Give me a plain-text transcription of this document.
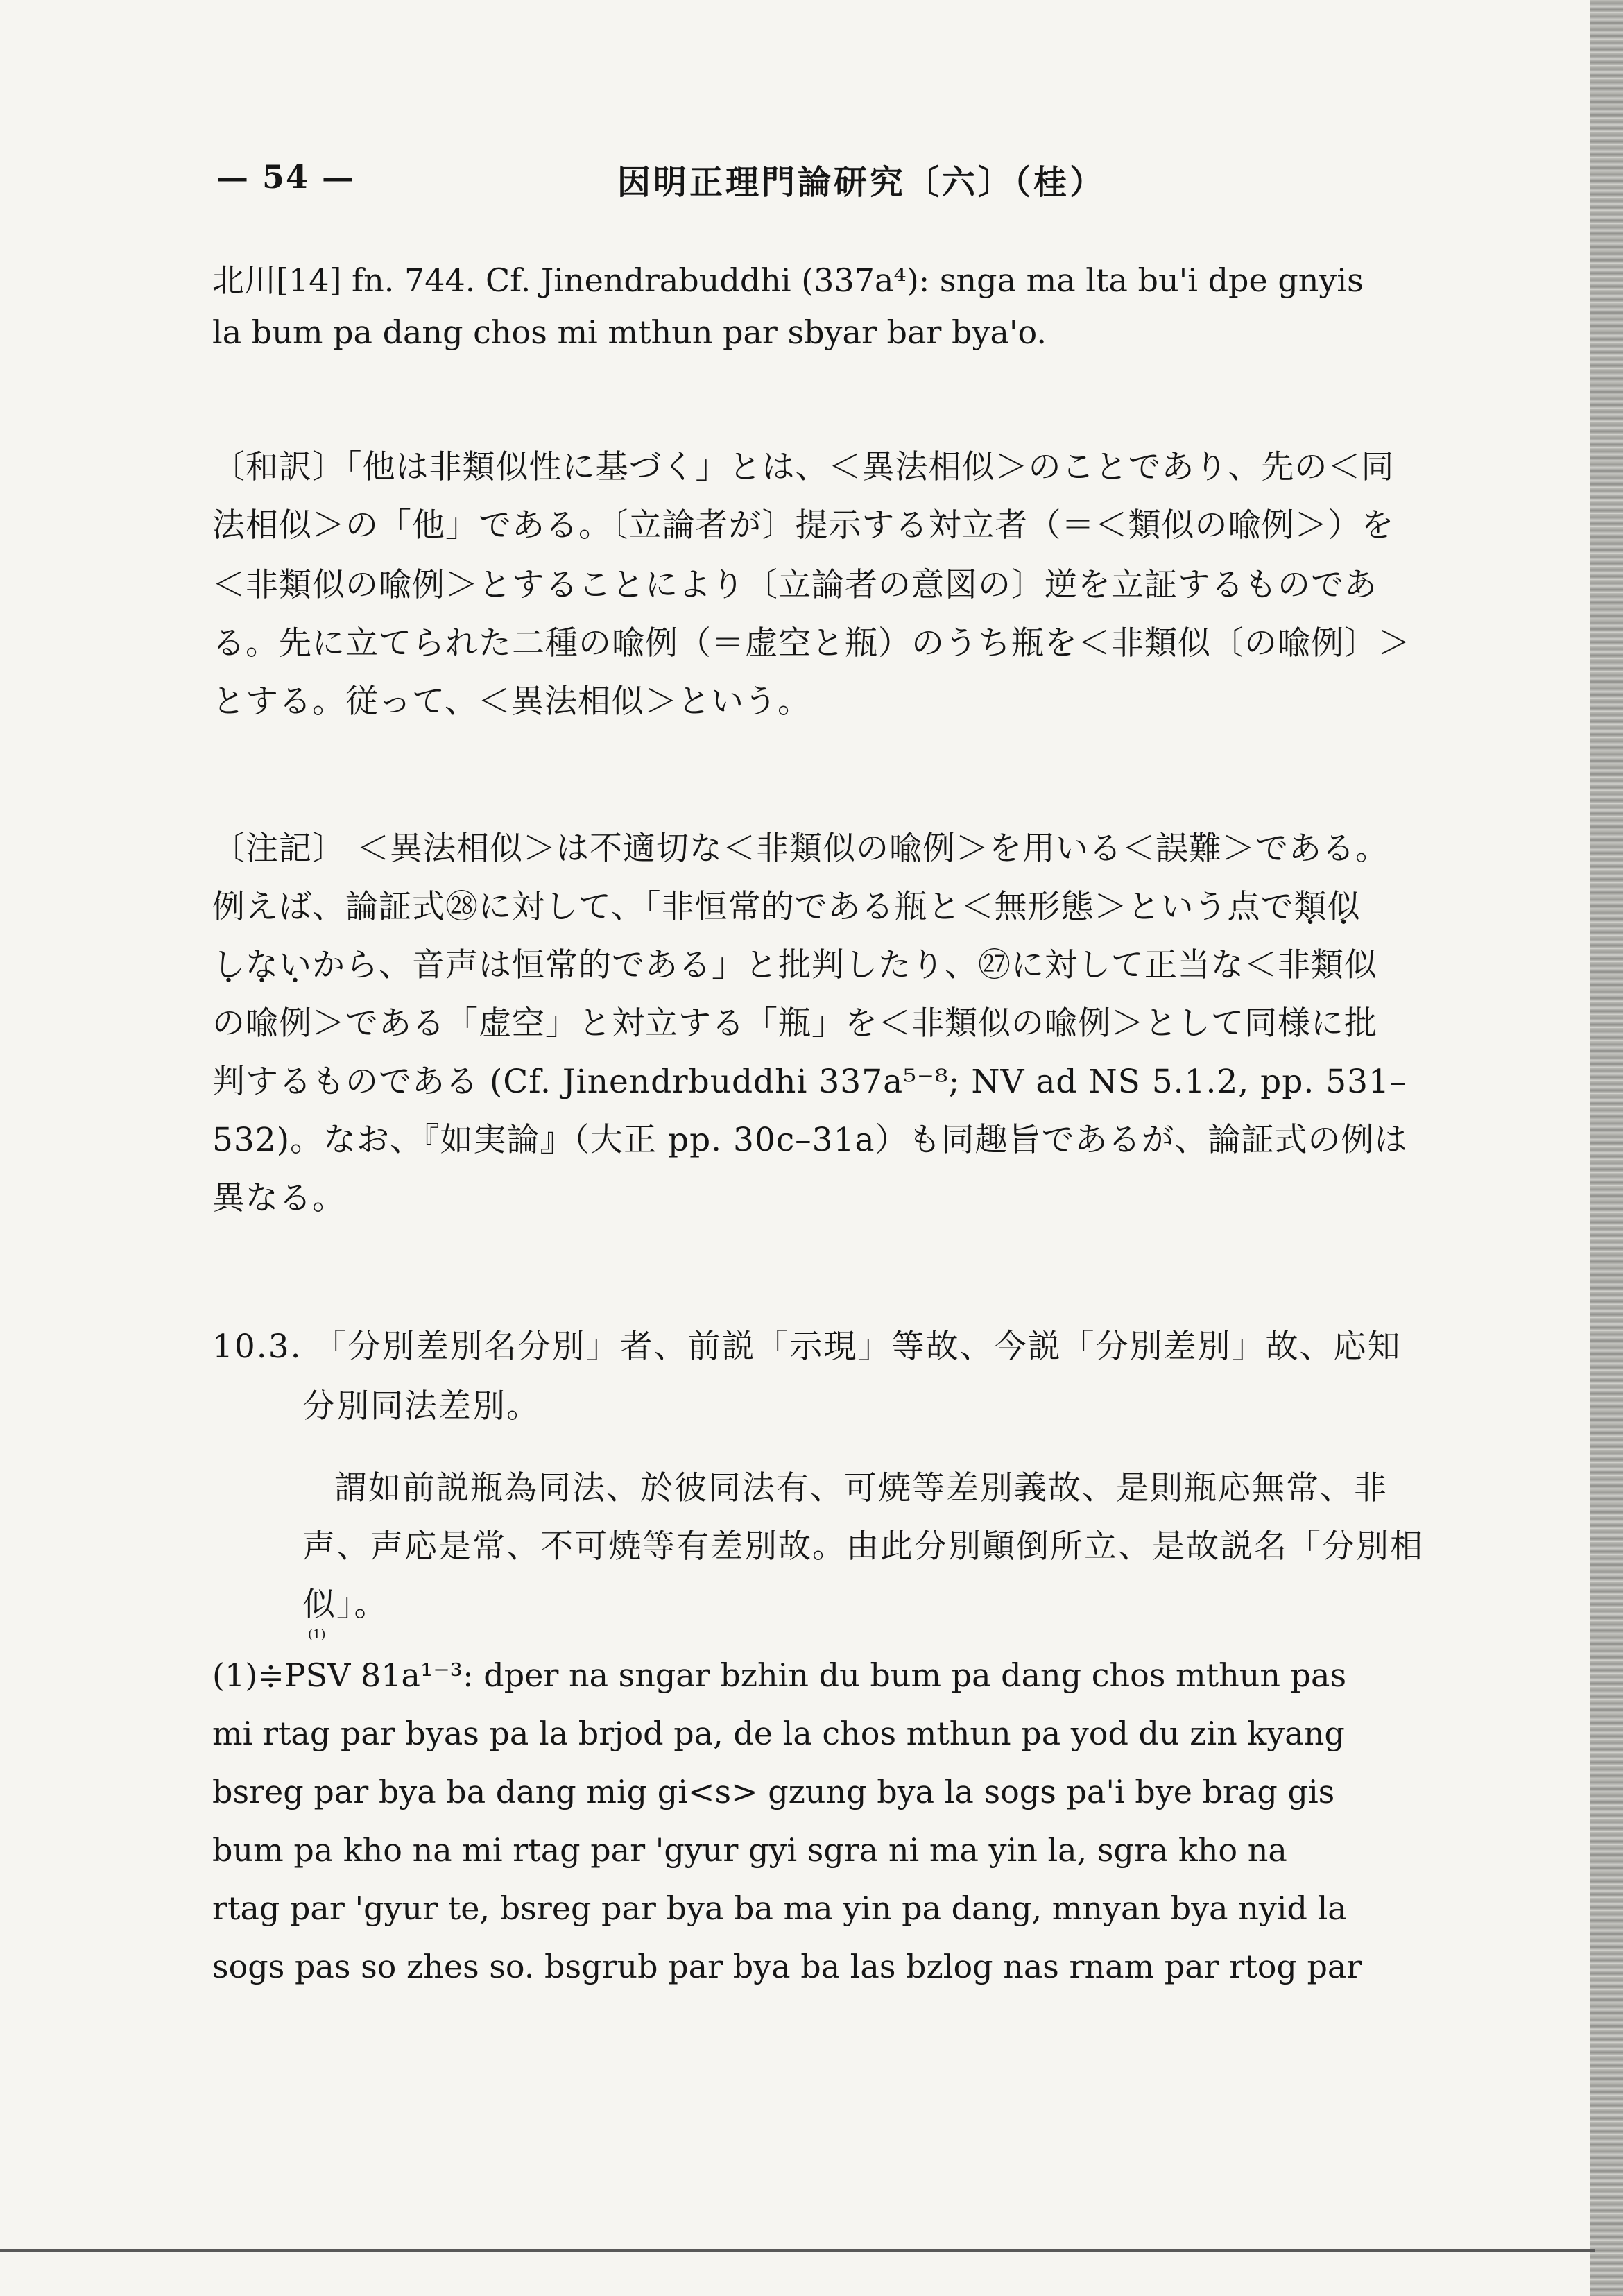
— 54 —	因明正理門論研究〔六〕（桂）
北川[14] fn. 744. Cf. Jinendrabuddhi (337a⁴): snga ma lta bu'i dpe gnyis
la bum pa dang chos mi mthun par sbyar bar bya'o.
〔和訳〕「他は非類似性に基づく」とは、＜異法相似＞のことであり、先の＜同
法相似＞の「他」である。〔立論者が〕提示する対立者（＝＜類似の喩例＞）を
＜非類似の喩例＞とすることにより〔立論者の意図の〕逆を立証するものであ
る。先に立てられた二種の喩例（＝虚空と瓶）のうち瓶を＜非類似〔の喩例〕＞
とする。従って、＜異法相似＞という。
〔注記〕 ＜異法相似＞は不適切な＜非類似の喩例＞を用いる＜誤難＞である。
例えば、論証式㉘に対して、「非恒常的である瓶と＜無形態＞という点で類似
しないから、音声は恒常的である」と批判したり、㉗に対して正当な＜非類似
の喩例＞である「虚空」と対立する「瓶」を＜非類似の喩例＞として同様に批
判するものである (Cf. Jinendrbuddhi 337a⁵⁻⁸; NV ad NS 5.1.2, pp. 531–
532)。なお、『如実論』（大正 pp. 30c–31a）も同趣旨であるが、論証式の例は
異なる。
10.3. 「分別差別名分別」者、前説「示現」等故、今説「分別差別」故、応知
分別同法差別。
謂如前説瓶為同法、於彼同法有、可焼等差別義故、是則瓶応無常、非
声、声応是常、不可焼等有差別故。由此分別顚倒所立、是故説名「分別相
似」。
(1)
(1)≑PSV 81a¹⁻³: dper na sngar bzhin du bum pa dang chos mthun pas
mi rtag par byas pa la brjod pa, de la chos mthun pa yod du zin kyang
bsreg par bya ba dang mig gi<s> gzung bya la sogs pa'i bye brag gis
bum pa kho na mi rtag par 'gyur gyi sgra ni ma yin la, sgra kho na
rtag par 'gyur te, bsreg par bya ba ma yin pa dang, mnyan bya nyid la
sogs pas so zhes so. bsgrub par bya ba las bzlog nas rnam par rtog par
